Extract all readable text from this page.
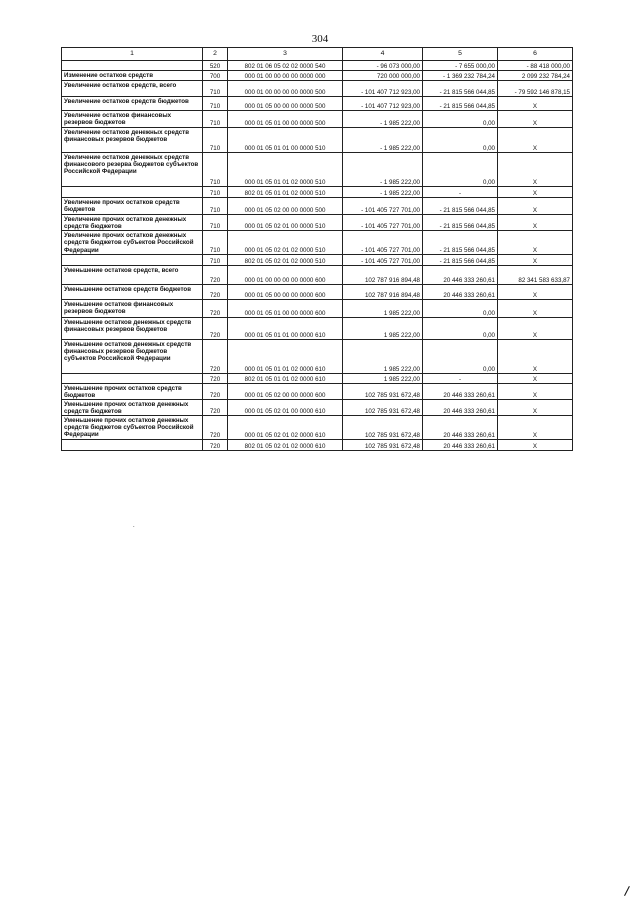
304
1	2	3	4	5	6
	520	802 01 06 05 02 02 0000 540	- 96 073 000,00	- 7 655 000,00	- 88 418 000,00
Изменение остатков средств	700	000 01 00 00 00 00 0000 000	720 000 000,00	- 1 369 232 784,24	2 099 232 784,24
Увеличение остатков средств, всего	710	000 01 00 00 00 00 0000 500	- 101 407 712 923,00	- 21 815 566 044,85	- 79 592 146 878,15
Увеличение остатков средств бюджетов	710	000 01 05 00 00 00 0000 500	- 101 407 712 923,00	- 21 815 566 044,85	X
Увеличение остатков финансовых резервов бюджетов	710	000 01 05 01 00 00 0000 500	- 1 985 222,00	0,00	X
Увеличение остатков денежных средств финансовых резервов бюджетов	710	000 01 05 01 01 00 0000 510	- 1 985 222,00	0,00	X
Увеличение остатков денежных средств финансового резерва бюджетов субъектов Российской Федерации	710	000 01 05 01 01 02 0000 510	- 1 985 222,00	0,00	X
	710	802 01 05 01 01 02 0000 510	- 1 985 222,00	-	X
Увеличение прочих остатков средств бюджетов	710	000 01 05 02 00 00 0000 500	- 101 405 727 701,00	- 21 815 566 044,85	X
Увеличение прочих остатков денежных средств бюджетов	710	000 01 05 02 01 00 0000 510	- 101 405 727 701,00	- 21 815 566 044,85	X
Увеличение прочих остатков денежных средств бюджетов субъектов Российской Федерации	710	000 01 05 02 01 02 0000 510	- 101 405 727 701,00	- 21 815 566 044,85	X
	710	802 01 05 02 01 02 0000 510	- 101 405 727 701,00	- 21 815 566 044,85	X
Уменьшение остатков средств, всего	720	000 01 00 00 00 00 0000 600	102 787 916 894,48	20 446 333 260,61	82 341 583 633,87
Уменьшение остатков средств бюджетов	720	000 01 05 00 00 00 0000 600	102 787 916 894,48	20 446 333 260,61	X
Уменьшение остатков финансовых резервов бюджетов	720	000 01 05 01 00 00 0000 600	1 985 222,00	0,00	X
Уменьшение остатков денежных средств финансовых резервов бюджетов	720	000 01 05 01 01 00 0000 610	1 985 222,00	0,00	X
Уменьшение остатков денежных средств финансовых резервов бюджетов субъектов Российской Федерации	720	000 01 05 01 01 02 0000 610	1 985 222,00	0,00	X
	720	802 01 05 01 01 02 0000 610	1 985 222,00	-	X
Уменьшение прочих остатков средств бюджетов	720	000 01 05 02 00 00 0000 600	102 785 931 672,48	20 446 333 260,61	X
Уменьшение прочих остатков денежных средств бюджетов	720	000 01 05 02 01 00 0000 610	102 785 931 672,48	20 446 333 260,61	X
Уменьшение прочих остатков денежных средств бюджетов субъектов Российской Федерации	720	000 01 05 02 01 02 0000 610	102 785 931 672,48	20 446 333 260,61	X
	720	802 01 05 02 01 02 0000 610	102 785 931 672,48	20 446 333 260,61	X
.
/
